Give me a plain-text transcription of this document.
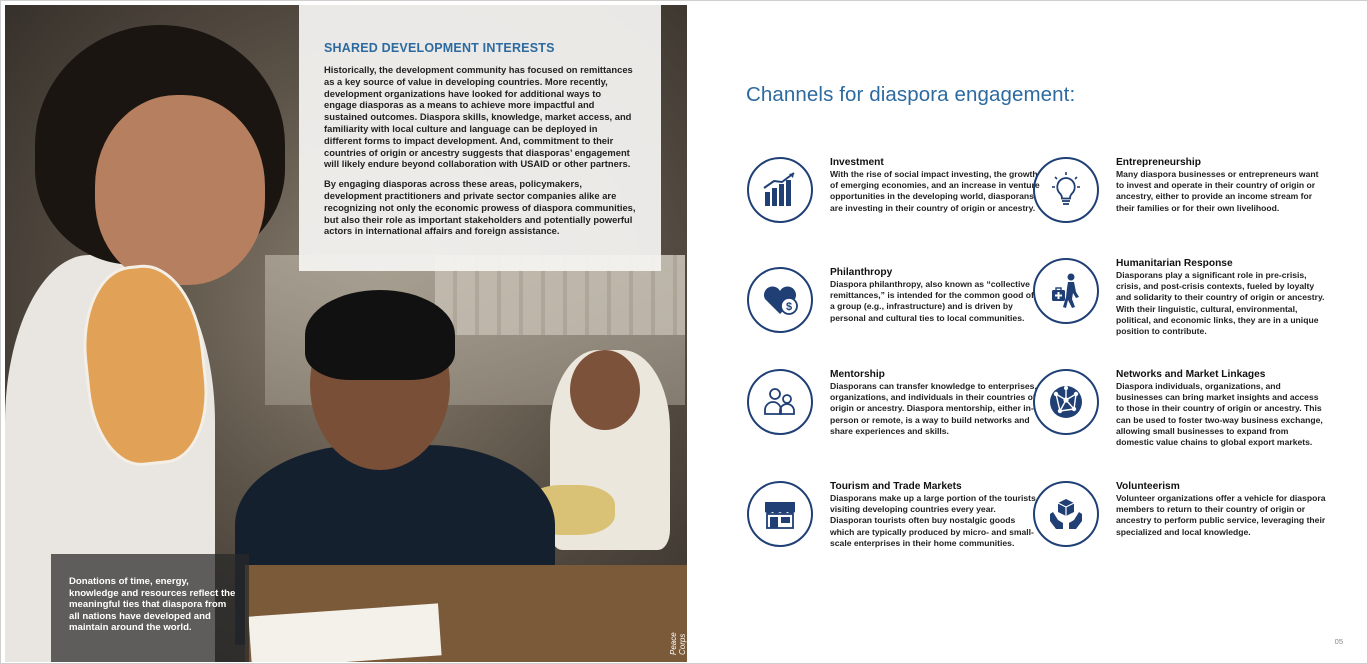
Peace Corps

Donations of time, energy, knowledge and resources reflect the meaningful ties that diaspora from all nations have developed and maintain around the world.

SHARED DEVELOPMENT INTERESTS

Historically, the development community has focused on remittances as a key source of value in developing countries. More recently, development organizations have looked for additional ways to engage diasporas as a means to achieve more impactful and sustained outcomes. Diaspora skills, knowledge, market access, and familiarity with local culture and language can be deployed in different forms to impact development. And, commitment to their countries of origin or ancestry suggests that diasporas’ engagement will likely endure beyond collaboration with USAID or other partners.

By engaging diasporas across these areas, policymakers, development practitioners and private sector companies alike are recognizing not only the economic prowess of diaspora communities, but also their role as important stakeholders and potentially powerful actors in international affairs and foreign assistance.

Channels for diaspora engagement:
Investment
With the rise of social impact investing, the growth of emerging economies, and an increase in venture opportunities in the developing world, diasporans are investing in their country of origin or ancestry.
Entrepreneurship
Many diaspora businesses or entrepreneurs want to invest and operate in their country of origin or ancestry, either to provide an income stream for their families or for their own livelihood.
$
Philanthropy
Diaspora philanthropy, also known as “collective remittances,” is intended for the common good of a group (e.g., infrastructure) and is driven by personal and cultural ties to local communities.
Humanitarian Response
Diasporans play a significant role in pre-crisis, crisis, and post-crisis contexts, fueled by loyalty and solidarity to their country of origin or ancestry. With their linguistic, cultural, environmental, political, and economic links, they are in a unique position to contribute.
Mentorship
Diasporans can transfer knowledge to enterprises, organizations, and individuals in their countries of origin or ancestry. Diaspora mentorship, either in-person or remote, is a way to build networks and share experiences and skills.
Networks and Market Linkages
Diaspora individuals, organizations, and businesses can bring market insights and access to those in their country of origin or ancestry. This can be used to foster two-way business exchange, allowing small businesses to expand from domestic value chains to global export markets.
Tourism and Trade Markets
Diasporans make up a large portion of the tourists visiting developing countries every year. Diasporan tourists often buy nostalgic goods which are typically produced by micro- and small-scale enterprises in their home communities.
Volunteerism
Volunteer organizations offer a vehicle for diaspora members to return to their country of origin or ancestry to perform public service, leveraging their specialized and local knowledge.
05
